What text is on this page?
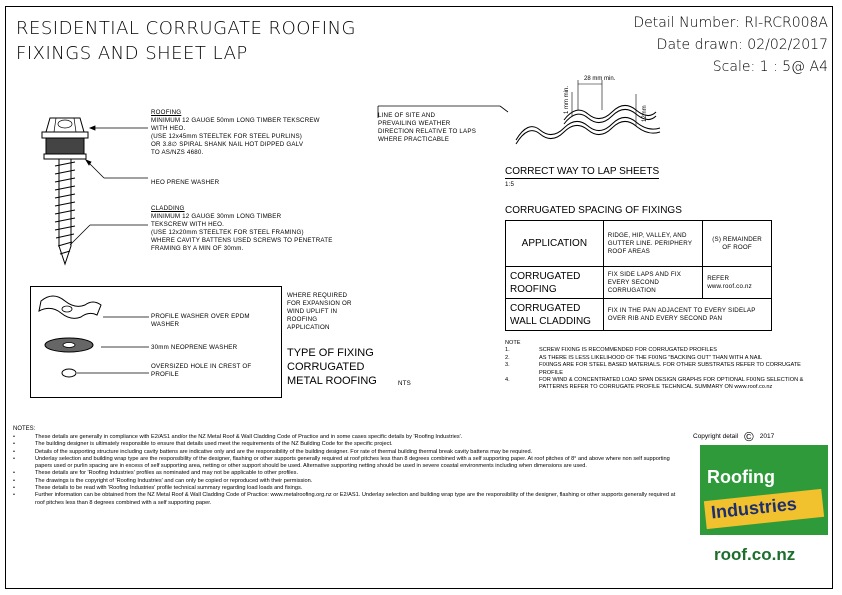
RESIDENTIAL CORRUGATE ROOFING
FIXINGS AND SHEET LAP
Detail Number: RI-RCR008A
Date drawn: 02/02/2017
Scale: 1 : 5@ A4
ROOFING
MINIMUM 12 GAUGE 50mm LONG TIMBER TEKSCREW
WITH HEO.
(USE 12x45mm STEELTEK FOR STEEL PURLINS)
OR 3.8∅ SPIRAL SHANK NAIL HOT DIPPED GALV
TO AS/NZS 4680.
HEO PRENE WASHER
CLADDING
MINIMUM 12 GAUGE 30mm LONG TIMBER
TEKSCREW WITH HEO.
(USE 12x20mm STEELTEK FOR STEEL FRAMING)
WHERE CAVITY BATTENS USED SCREWS TO PENETRATE
FRAMING BY A MIN OF 30mm.
PROFILE WASHER OVER EPDM WASHER
30mm NEOPRENE WASHER
OVERSIZED HOLE IN CREST OF PROFILE
WHERE REQUIRED
FOR EXPANSION OR
WIND UPLIFT IN
ROOFING
APPLICATION
TYPE OF FIXING
CORRUGATED
METAL ROOFING	NTS
LINE OF SITE AND
PREVAILING WEATHER
DIRECTION RELATIVE TO LAPS
WHERE PRACTICABLE
28 mm min.
1 mm min.	12mm
CORRECT WAY TO LAP SHEETS
1:5
CORRUGATED SPACING OF FIXINGS
APPLICATION	RIDGE, HIP, VALLEY, AND GUTTER LINE. PERIPHERY ROOF AREAS	(S) REMAINDER OF ROOF
CORRUGATED ROOFING	FIX SIDE LAPS AND FIX EVERY SECOND CORRUGATION	REFER www.roof.co.nz
CORRUGATED WALL CLADDING	FIX IN THE PAN ADJACENT TO EVERY SIDELAP OVER RIB AND EVERY SECOND PAN	
NOTE
1.	SCREW FIXING IS RECOMMENDED FOR CORRUGATED PROFILES
2.	AS THERE IS LESS LIKELIHOOD OF THE FIXING "BACKING OUT" THAN WITH A NAIL
3.	FIXINGS ARE FOR STEEL BASED MATERIALS. FOR OTHER SUBSTRATES REFER TO CORRUGATE PROFILE
4.	FOR WIND & CONCENTRATED LOAD SPAN DESIGN GRAPHS FOR OPTIONAL FIXING SELECTION & PATTERNS REFER TO CORRUGATE PROFILE TECHNICAL SUMMARY ON www.roof.co.nz
NOTES:
•	These details are generally in compliance with E2/AS1 and/or the NZ Metal Roof & Wall Cladding Code of Practice and in some cases specific details by 'Roofing Industries'.
•	The building designer is ultimately responsible to ensure that details used meet the requirements of the NZ Building Code for the specific project.
•	Details of the supporting structure including cavity battens are indicative only and are the responsibility of the building designer. For rate of thermal building thermal break cavity battens may be required.
•	Underlay selection and building wrap type are the responsibility of the designer, flashing or other supports generally required at roof pitches less than 8 degrees combined with a self supporting paper. At roof pitches of 8° and above where non self supporting papers used or purlin spacing are in excess of self supporting area, netting or other support should be used. Alternative supporting netting should be used in severe coastal environments including when dimensions are used.
•	These details are for 'Roofing Industries' profiles as nominated and may not be applicable to other profiles.
•	The drawings is the copyright of 'Roofing Industries' and can only be copied or reproduced with their permission.
•	These details to be read with 'Roofing Industries' profile technical summary regarding load loads and fixings.
•	Further information can be obtained from the NZ Metal Roof & Wall Cladding Code of Practice: www.metalroofing.org.nz or E2/AS1. Underlay selection and building wrap type are the responsibility of the designer, flashing or other supports generally required at roof pitches less than 8 degrees combined with a self supporting paper.
Copyright detail © 2017
Roofing
Industries
roof.co.nz
